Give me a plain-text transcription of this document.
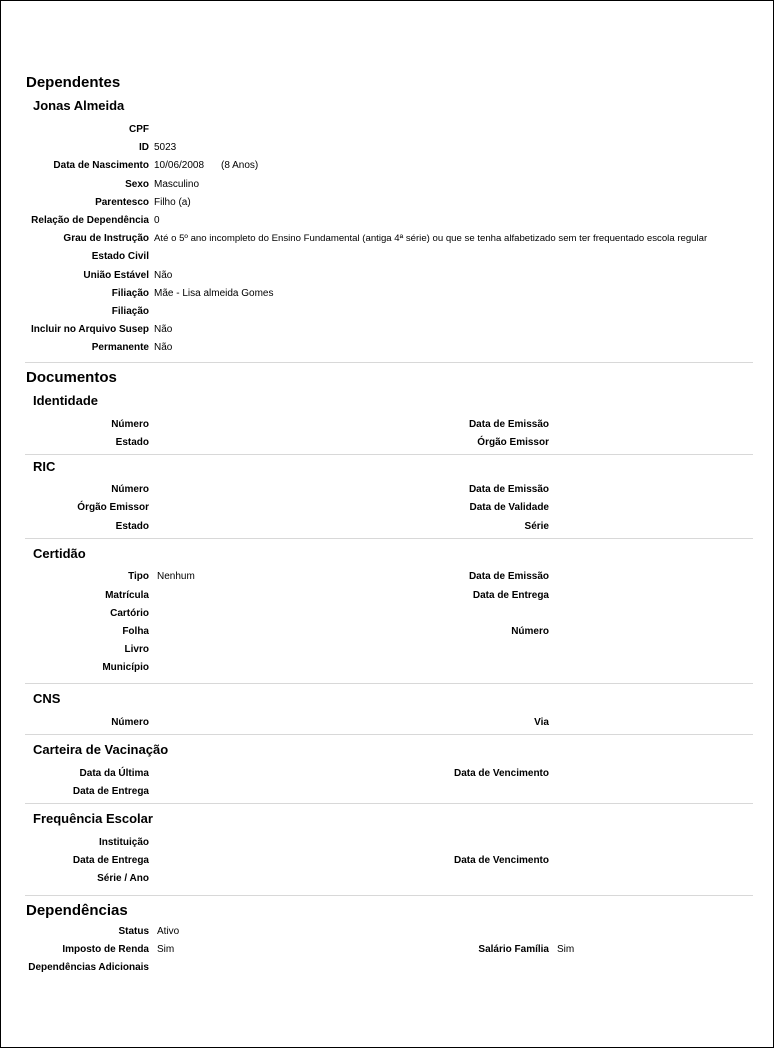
Dependentes
Jonas Almeida
CPF
ID 5023
Data de Nascimento 10/06/2008 (8 Anos)
Sexo Masculino
Parentesco Filho (a)
Relação de Dependência 0
Grau de Instrução Até o 5º ano incompleto do Ensino Fundamental (antiga 4ª série) ou que se tenha alfabetizado sem ter frequentado escola regular
Estado Civil
União Estável Não
Filiação Mãe - Lisa almeida Gomes
Filiação
Incluir no Arquivo Susep Não
Permanente Não
Documentos
Identidade
Número	Data de Emissão
Estado	Órgão Emissor
RIC
Número	Data de Emissão
Órgão Emissor	Data de Validade
Estado	Série
Certidão
Tipo Nenhum	Data de Emissão
Matrícula	Data de Entrega
Cartório
Folha	Número
Livro
Município
CNS
Número	Via
Carteira de Vacinação
Data da Última	Data de Vencimento
Data de Entrega
Frequência Escolar
Instituição
Data de Entrega	Data de Vencimento
Série / Ano
Dependências
Status Ativo
Imposto de Renda Sim	Salário Família Sim
Dependências Adicionais
